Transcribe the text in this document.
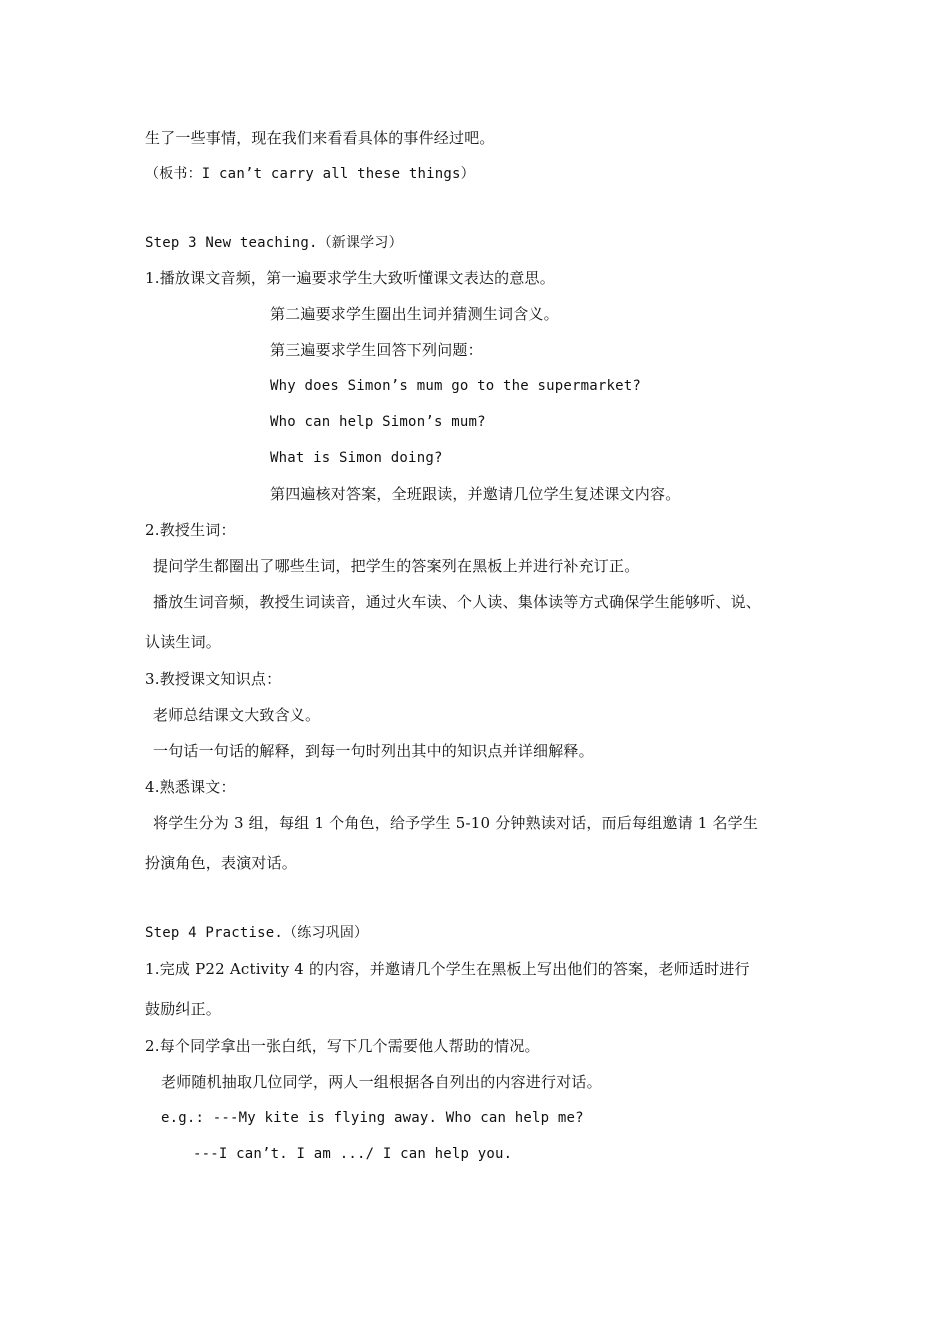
生了一些事情，现在我们来看看具体的事件经过吧。
（板书：I can’t carry all these things）
Step 3 New teaching.（新课学习）
1.播放课文音频，第一遍要求学生大致听懂课文表达的意思。
第二遍要求学生圈出生词并猜测生词含义。
第三遍要求学生回答下列问题：
Why does Simon’s mum go to the supermarket?
Who can help Simon’s mum?
What is Simon doing?
第四遍核对答案，全班跟读，并邀请几位学生复述课文内容。
2.教授生词：
提问学生都圈出了哪些生词，把学生的答案列在黑板上并进行补充订正。
播放生词音频，教授生词读音，通过火车读、个人读、集体读等方式确保学生能够听、说、
认读生词。
3.教授课文知识点：
老师总结课文大致含义。
一句话一句话的解释，到每一句时列出其中的知识点并详细解释。
4.熟悉课文：
将学生分为 3 组，每组 1 个角色，给予学生 5-10 分钟熟读对话，而后每组邀请 1 名学生
扮演角色，表演对话。
Step 4 Practise.（练习巩固）
1.完成 P22 Activity 4 的内容，并邀请几个学生在黑板上写出他们的答案，老师适时进行
鼓励纠正。
2.每个同学拿出一张白纸，写下几个需要他人帮助的情况。
老师随机抽取几位同学，两人一组根据各自列出的内容进行对话。
e.g.: ---My kite is flying away. Who can help me?
---I can’t. I am .../ I can help you.
